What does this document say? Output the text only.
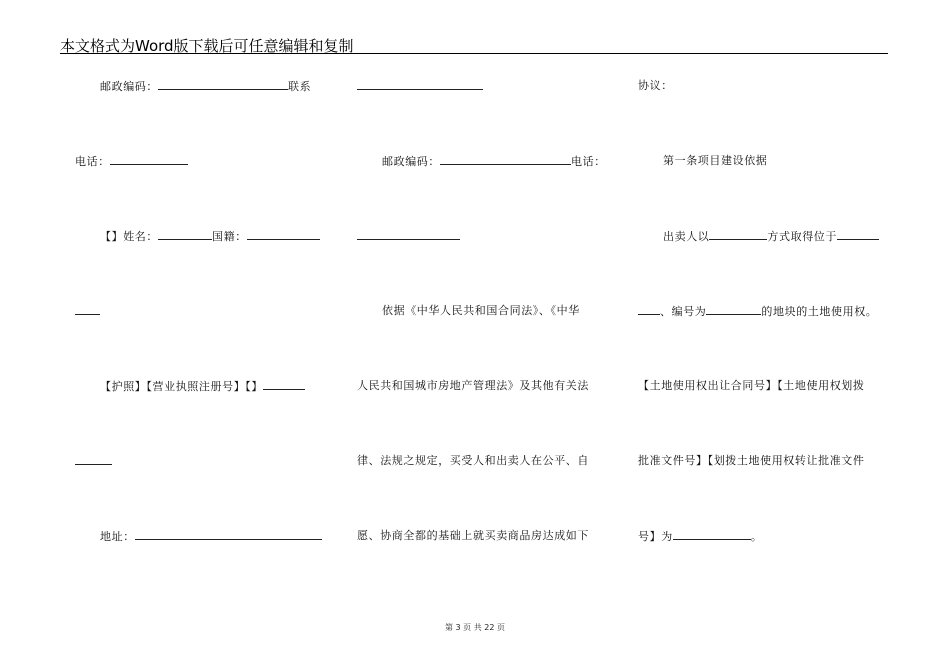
本文格式为Word版下载后可任意编辑和复制
邮政编码：	联系
电话：
【】姓名：	国籍：
【护照】【营业执照注册号】【】
地址：
邮政编码：	电话：
依据《中华人民共和国合同法》、《中华
人民共和国城市房地产管理法》及其他有关法
律、法规之规定，买受人和出卖人在公平、自
愿、协商全都的基础上就买卖商品房达成如下
协议：
第一条项目建设依据
出卖人以	方式取得位于
、编号为	的地块的土地使用权。
【土地使用权出让合同号】【土地使用权划拨
批准文件号】【划拨土地使用权转让批准文件
号】为	。
第 3 页 共 22 页
